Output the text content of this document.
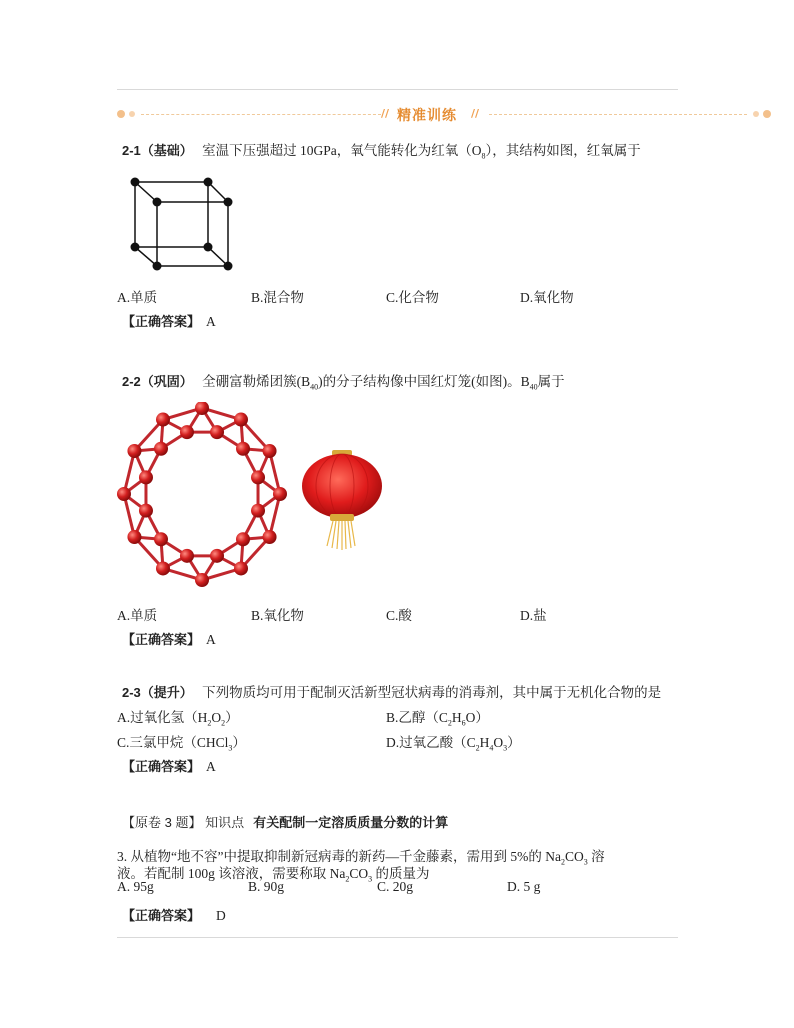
// 精准训练 //
2-1（基础） 室温下压强超过 10GPa，氧气能转化为红氧$(O_8)$，其结构如图，红氧属于
A.单质	B.混合物	C.化合物	D.氧化物
【正确答案】 A
2-2（巩固） 全硼富勒烯团簇$(B_{40})$的分子结构像中国红灯笼(如图)。$B_{40}$属于
A.单质	B.氧化物	C.酸	D.盐
【正确答案】 A
2-3（提升） 下列物质均可用于配制灭活新型冠状病毒的消毒剂，其中属于无机化合物的是
A.过氧化氢$(H_2O_2)$	B.乙醇$(C_2H_6O)$
C.三氯甲烷（CHCl$_3$）	D.过氧乙酸$(C_2H_4O_3)$
【正确答案】 A
【原卷 3 题】 知识点 有关配制一定溶质质量分数的计算
3. 从植物“地不容”中提取抑制新冠病毒的新药—千金藤素，需用到 5%的 $Na_2CO_3$ 溶
液。若配制 100g 该溶液，需要称取 $Na_2CO_3$ 的质量为
A. 95g	B. 90g	C. 20g	D. 5 g
【正确答案】 D
